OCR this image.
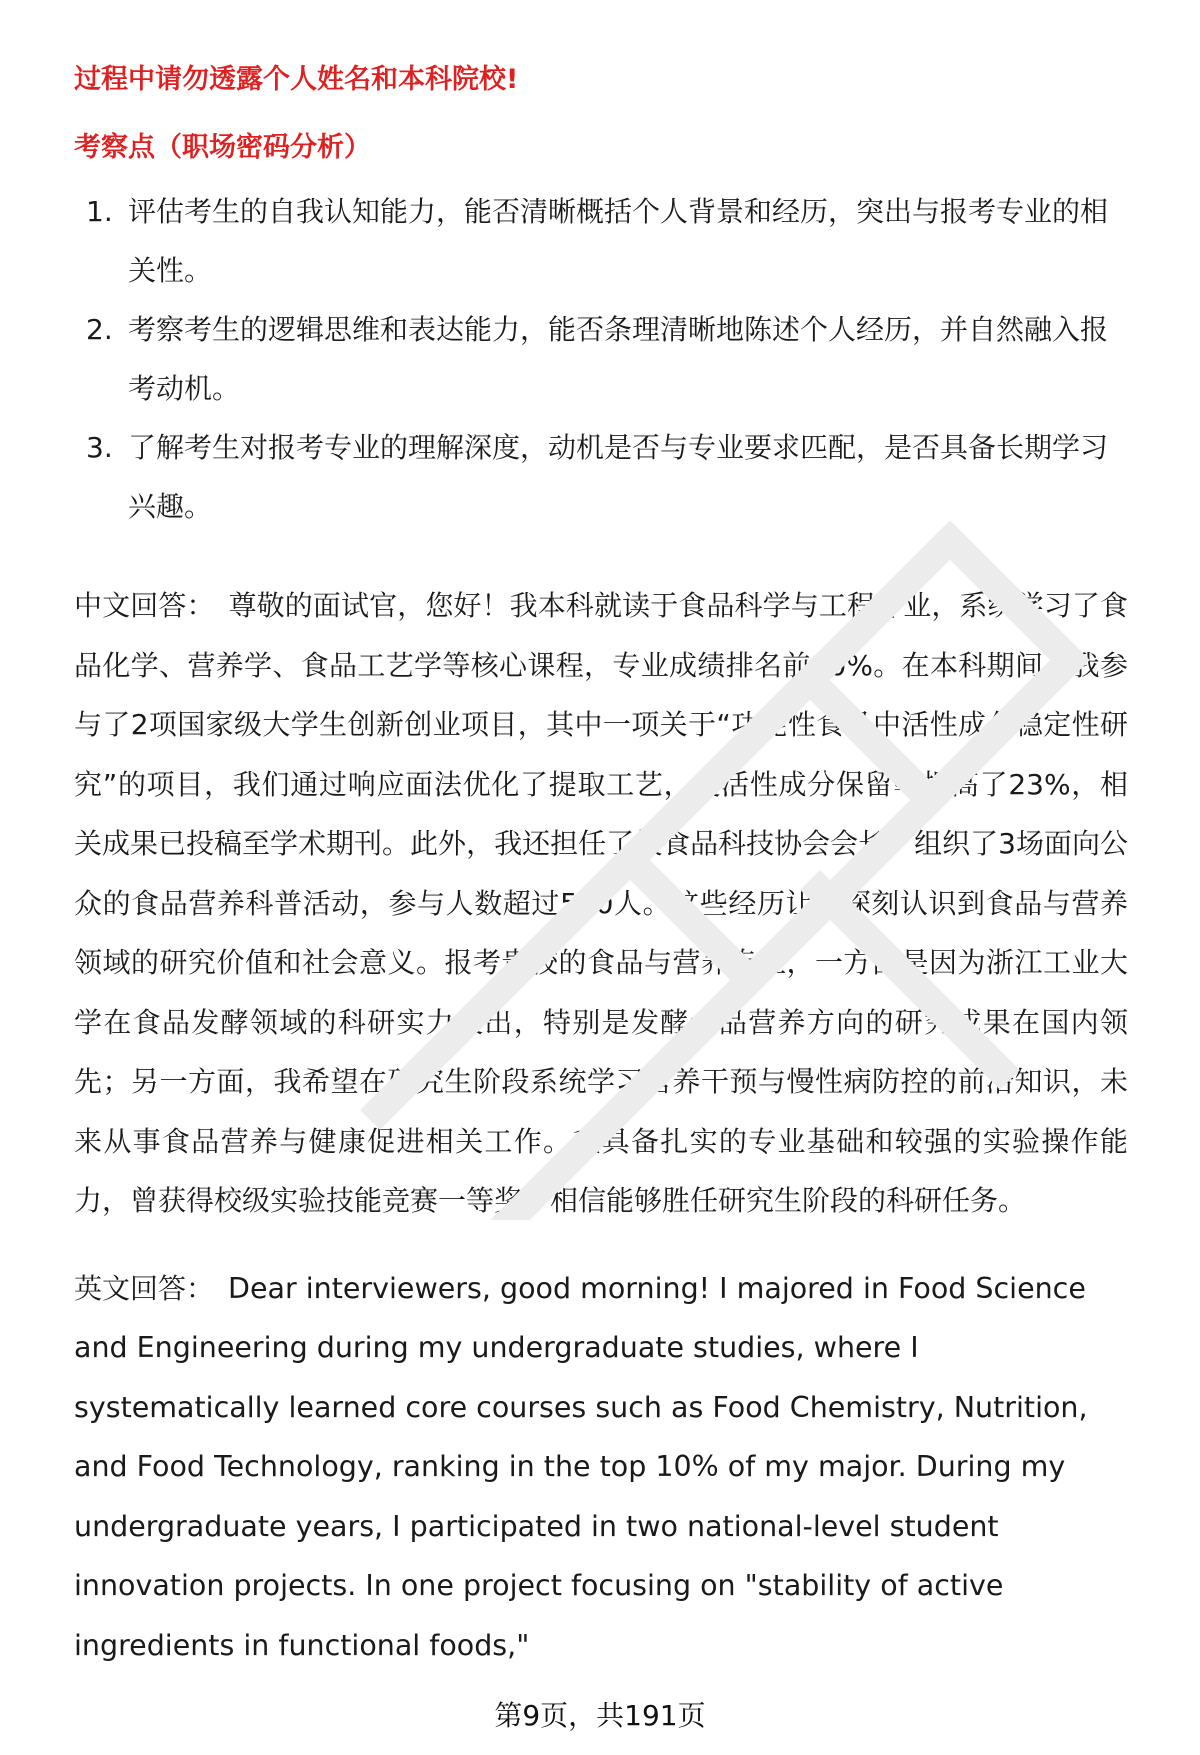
过程中请勿透露个人姓名和本科院校!

考察点（职场密码分析）

1. 评估考生的自我认知能力，能否清晰概括个人背景和经历，突出与报考专业的相关性。
2. 考察考生的逻辑思维和表达能力，能否条理清晰地陈述个人经历，并自然融入报考动机。
3. 了解考生对报考专业的理解深度，动机是否与专业要求匹配，是否具备长期学习兴趣。

中文回答： 尊敬的面试官，您好！我本科就读于食品科学与工程专业，系统学习了食品化学、营养学、食品工艺学等核心课程，专业成绩排名前10%。在本科期间，我参与了2项国家级大学生创新创业项目，其中一项关于“功能性食品中活性成分稳定性研究”的项目，我们通过响应面法优化了提取工艺，使活性成分保留率提高了23%，相关成果已投稿至学术期刊。此外，我还担任了校食品科技协会会长，组织了3场面向公众的食品营养科普活动，参与人数超过500人。这些经历让我深刻认识到食品与营养领域的研究价值和社会意义。报考贵校的食品与营养专业，一方面是因为浙江工业大学在食品发酵领域的科研实力突出，特别是发酵食品营养方向的研究成果在国内领先；另一方面，我希望在研究生阶段系统学习营养干预与慢性病防控的前沿知识，未来从事食品营养与健康促进相关工作。我具备扎实的专业基础和较强的实验操作能力，曾获得校级实验技能竞赛一等奖，相信能够胜任研究生阶段的科研任务。

英文回答： Dear interviewers, good morning! I majored in Food Science and Engineering during my undergraduate studies, where I systematically learned core courses such as Food Chemistry, Nutrition, and Food Technology, ranking in the top 10% of my major. During my undergraduate years, I participated in two national-level student innovation projects. In one project focusing on "stability of active ingredients in functional foods,"

第9页，共191页
